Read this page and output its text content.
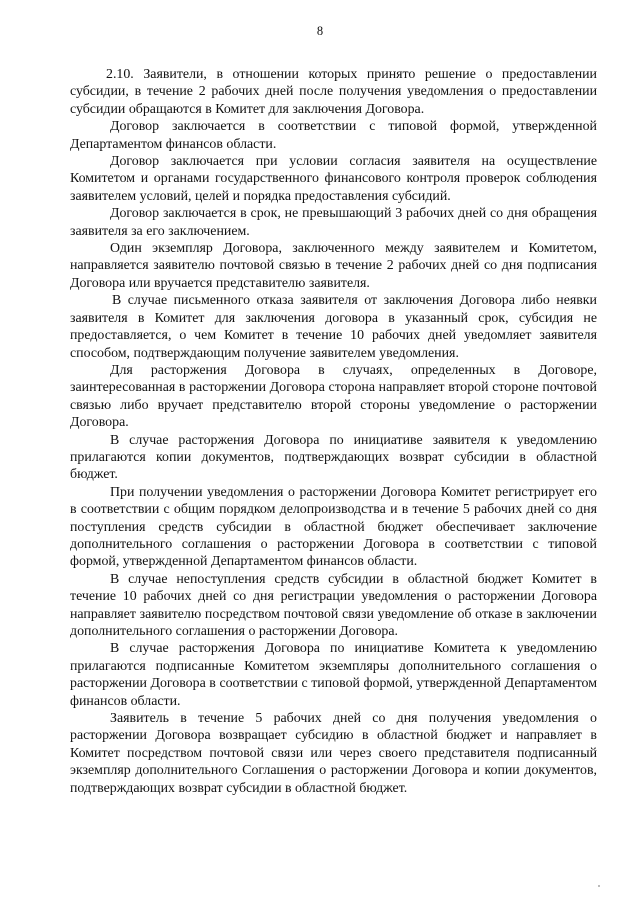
8

2.10. Заявители, в отношении которых принято решение о предоставлении субсидии, в течение 2 рабочих дней после получения уведомления о предоставлении субсидии обращаются в Комитет для заключения Договора.

Договор заключается в соответствии с типовой формой, утвержденной Департаментом финансов области.

Договор заключается при условии согласия заявителя на осуществление Комитетом и органами государственного финансового контроля проверок соблюдения заявителем условий, целей и порядка предоставления субсидий.

Договор заключается в срок, не превышающий 3 рабочих дней со дня обращения заявителя за его заключением.

Один экземпляр Договора, заключенного между заявителем и Комитетом, направляется заявителю почтовой связью в течение 2 рабочих дней со дня подписания Договора или вручается представителю заявителя.

В случае письменного отказа заявителя от заключения Договора либо неявки заявителя в Комитет для заключения договора в указанный срок, субсидия не предоставляется, о чем Комитет в течение 10 рабочих дней уведомляет заявителя способом, подтверждающим получение заявителем уведомления.

Для расторжения Договора в случаях, определенных в Договоре, заинтересованная в расторжении Договора сторона направляет второй стороне почтовой связью либо вручает представителю второй стороны уведомление о расторжении Договора.

В случае расторжения Договора по инициативе заявителя к уведомлению прилагаются копии документов, подтверждающих возврат субсидии в областной бюджет.

При получении уведомления о расторжении Договора Комитет регистрирует его в соответствии с общим порядком делопроизводства и в течение 5 рабочих дней со дня поступления средств субсидии в областной бюджет обеспечивает заключение дополнительного соглашения о расторжении Договора в соответствии с типовой формой, утвержденной Департаментом финансов области.

В случае непоступления средств субсидии в областной бюджет Комитет в течение 10 рабочих дней со дня регистрации уведомления о расторжении Договора направляет заявителю посредством почтовой связи уведомление об отказе в заключении дополнительного соглашения о расторжении Договора.

В случае расторжения Договора по инициативе Комитета к уведомлению прилагаются подписанные Комитетом экземпляры дополнительного соглашения о расторжении Договора в соответствии с типовой формой, утвержденной Департаментом финансов области.

Заявитель в течение 5 рабочих дней со дня получения уведомления о расторжении Договора возвращает субсидию в областной бюджет и направляет в Комитет посредством почтовой связи или через своего представителя подписанный экземпляр дополнительного Соглашения о расторжении Договора и копии документов, подтверждающих возврат субсидии в областной бюджет.
